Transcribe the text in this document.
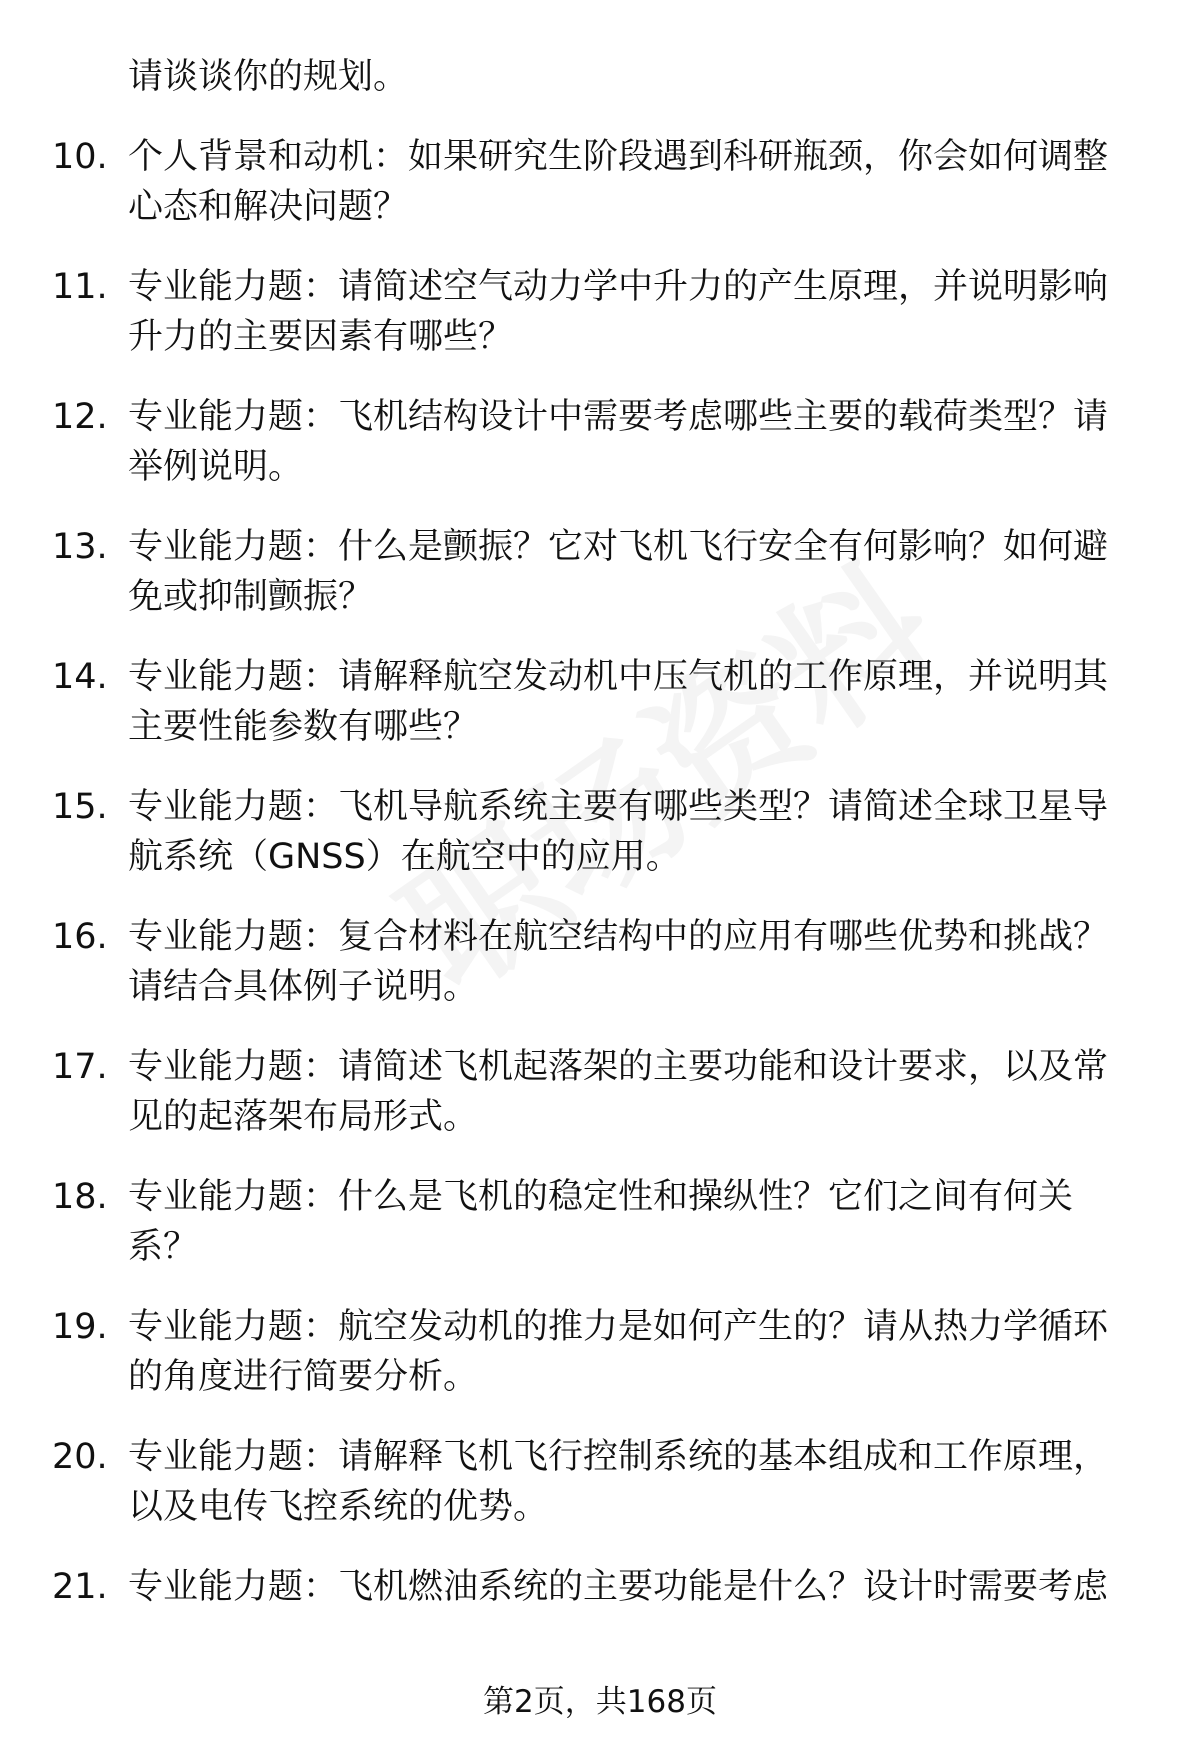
请谈谈你的规划。
10. 个人背景和动机：如果研究生阶段遇到科研瓶颈，你会如何调整
心态和解决问题？
11. 专业能力题：请简述空气动力学中升力的产生原理，并说明影响
升力的主要因素有哪些？
12. 专业能力题：飞机结构设计中需要考虑哪些主要的载荷类型？请
举例说明。
13. 专业能力题：什么是颤振？它对飞机飞行安全有何影响？如何避
免或抑制颤振？
14. 专业能力题：请解释航空发动机中压气机的工作原理，并说明其
主要性能参数有哪些？
15. 专业能力题：飞机导航系统主要有哪些类型？请简述全球卫星导
航系统（GNSS）在航空中的应用。
16. 专业能力题：复合材料在航空结构中的应用有哪些优势和挑战？
请结合具体例子说明。
17. 专业能力题：请简述飞机起落架的主要功能和设计要求，以及常
见的起落架布局形式。
18. 专业能力题：什么是飞机的稳定性和操纵性？它们之间有何关
系？
19. 专业能力题：航空发动机的推力是如何产生的？请从热力学循环
的角度进行简要分析。
20. 专业能力题：请解释飞机飞行控制系统的基本组成和工作原理，
以及电传飞控系统的优势。
21. 专业能力题：飞机燃油系统的主要功能是什么？设计时需要考虑
第2页，共168页
